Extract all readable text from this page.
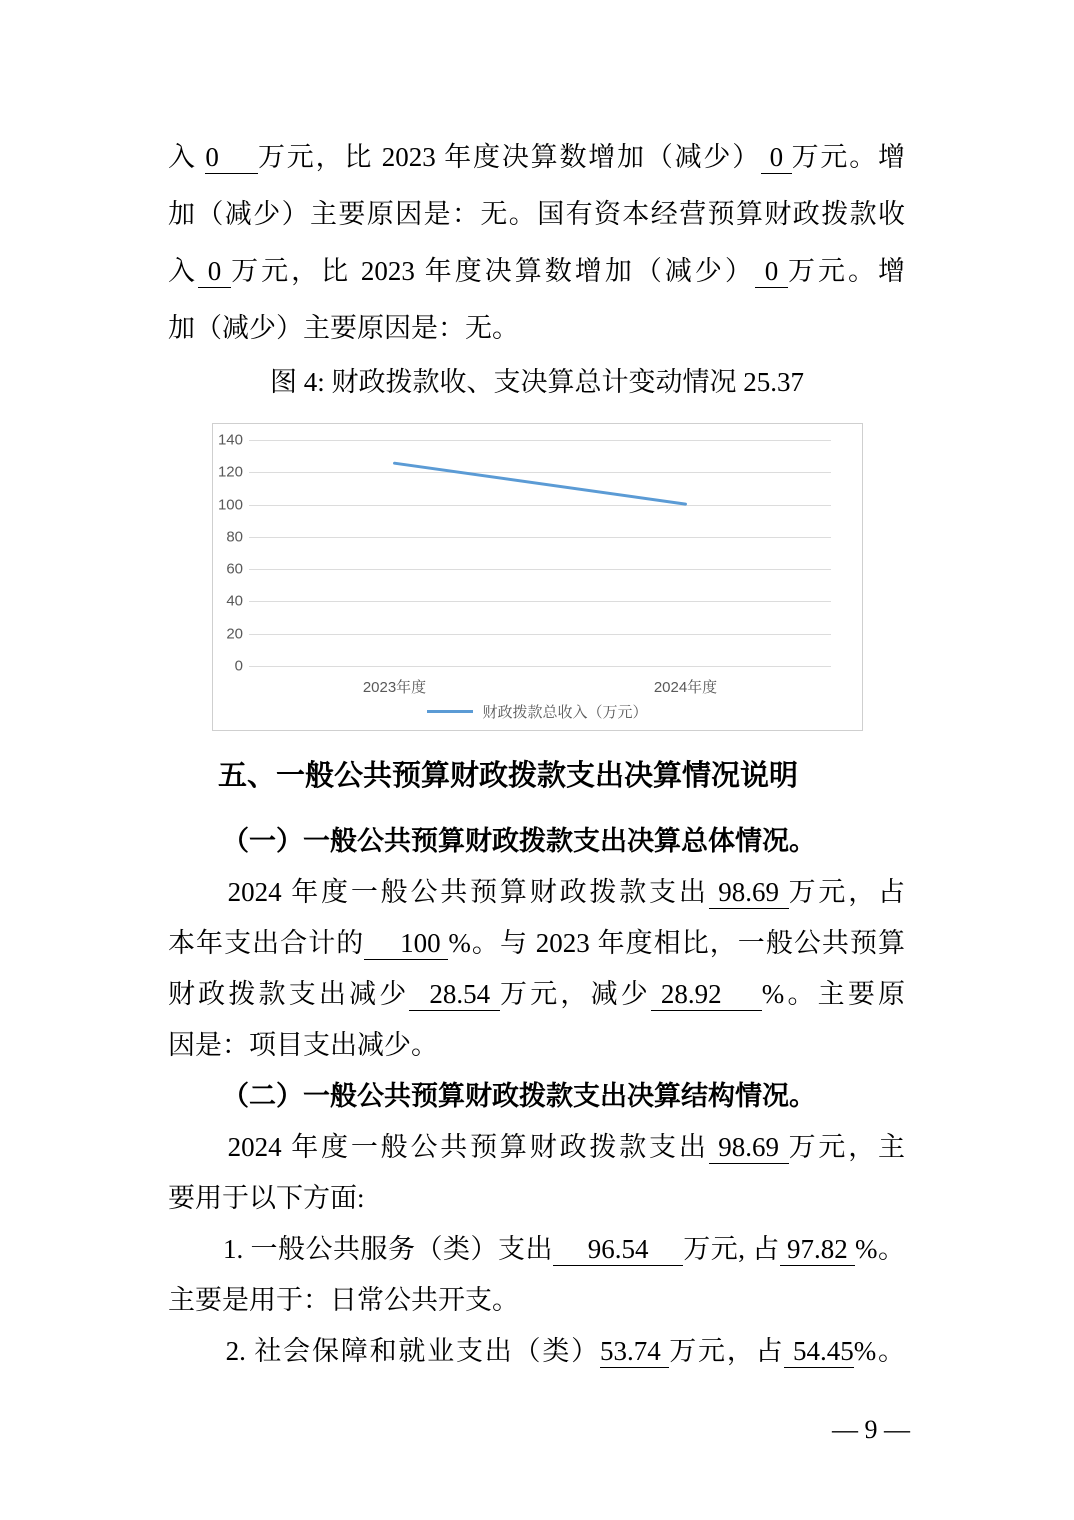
入 0　 万元，比 2023 年度决算数增加（减少） 0 万元。增
加（减少）主要原因是：无。国有资本经营预算财政拨款收
入 0 万元，比 2023 年度决算数增加（减少） 0 万元。增
加（减少）主要原因是：无。
图 4: 财政拨款收、支决算总计变动情况 25.37
0
20
40
60
80
100
120
140
2023年度	2024年度
财政拨款总收入（万元）
五、一般公共预算财政拨款支出决算情况说明
（一）一般公共预算财政拨款支出决算总体情况。
　　2024 年度一般公共预算财政拨款支出 98.69 万元，占
本年支出合计的　 100 %。与 2023 年度相比，一般公共预算
财政拨款支出减少  28.54 万元，减少 28.92 　%。主要原
因是：项目支出减少。
（二）一般公共预算财政拨款支出决算结构情况。
　　2024 年度一般公共预算财政拨款支出 98.69 万元，主
要用于以下方面:
　　1. 一般公共服务（类）支出　 96.54 　万元, 占 97.82 %。
主要是用于：日常公共开支。
　　2. 社会保障和就业支出（类）53.74 万元，占 54.45%。
— 9 —
